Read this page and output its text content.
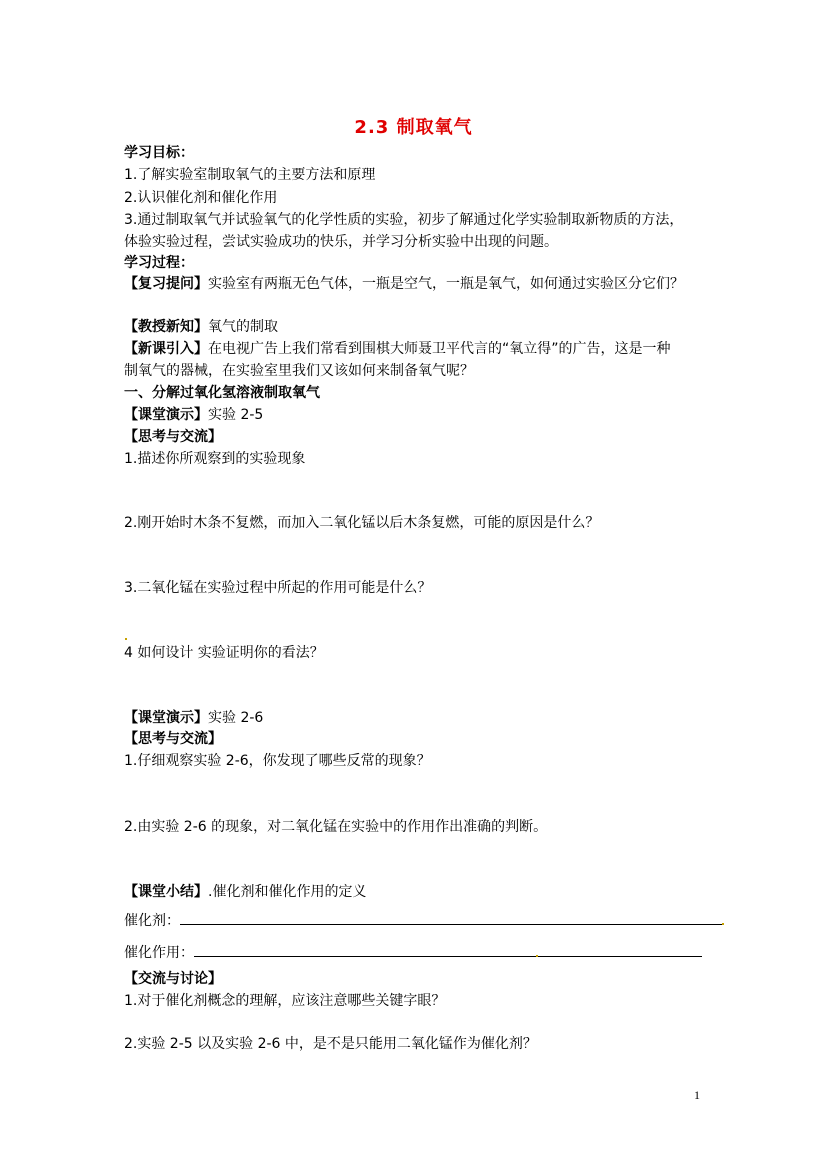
2.3 制取氧气
学习目标：
1.了解实验室制取氧气的主要方法和原理
2.认识催化剂和催化作用
3.通过制取氧气并试验氧气的化学性质的实验，初步了解通过化学实验制取新物质的方法，
体验实验过程，尝试实验成功的快乐，并学习分析实验中出现的问题。
学习过程：
【复习提问】实验室有两瓶无色气体，一瓶是空气，一瓶是氧气，如何通过实验区分它们？
【教授新知】氧气的制取
【新课引入】在电视广告上我们常看到围棋大师聂卫平代言的“氧立得”的广告，这是一种
制氧气的器械，在实验室里我们又该如何来制备氧气呢？
一、分解过氧化氢溶液制取氧气
【课堂演示】实验 2-5
【思考与交流】
1.描述你所观察到的实验现象
2.刚开始时木条不复燃，而加入二氧化锰以后木条复燃，可能的原因是什么？
3.二氧化锰在实验过程中所起的作用可能是什么？
4 如何设计 实验证明你的看法？
【课堂演示】实验 2-6
【思考与交流】
1.仔细观察实验 2-6，你发现了哪些反常的现象？
2.由实验 2-6 的现象，对二氧化锰在实验中的作用作出准确的判断。
【课堂小结】.催化剂和催化作用的定义
催化剂：
催化作用：
【交流与讨论】
1.对于催化剂概念的理解，应该注意哪些关键字眼？
2.实验 2-5 以及实验 2-6 中，是不是只能用二氧化锰作为催化剂？
1
